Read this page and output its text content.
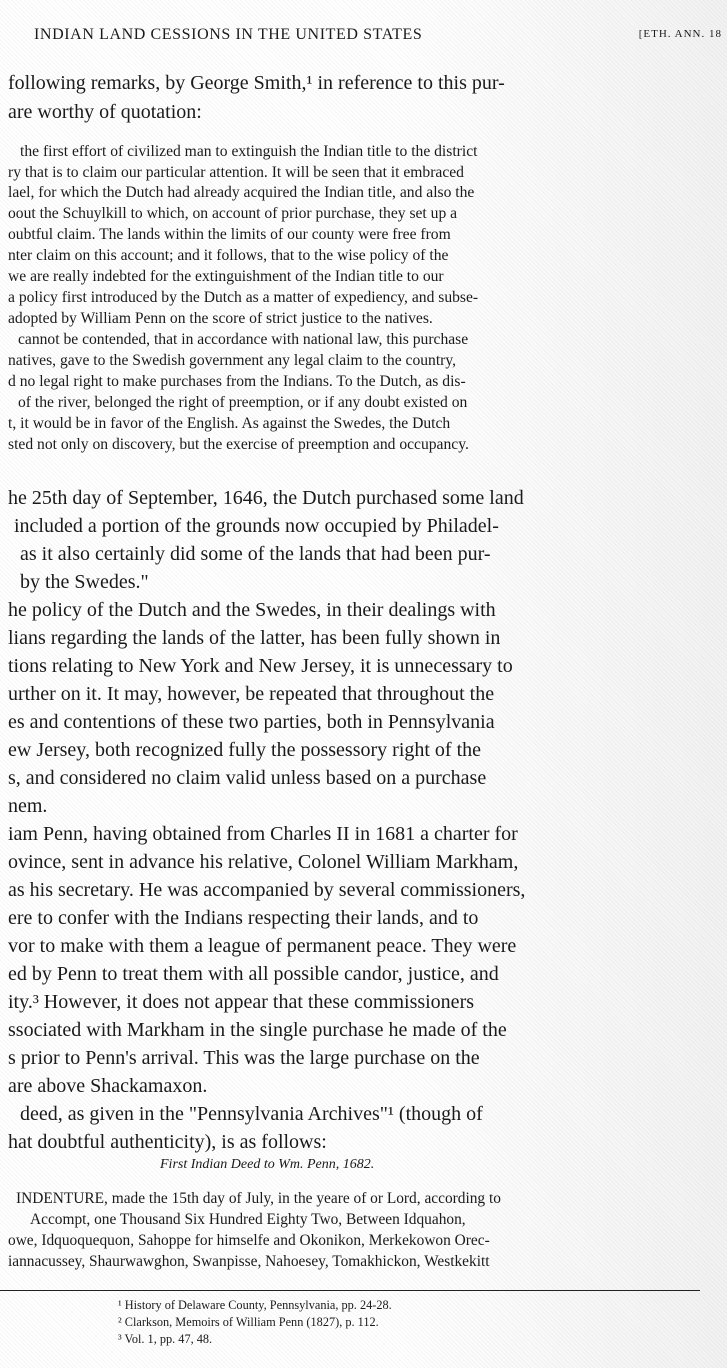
INDIAN LAND CESSIONS IN THE UNITED STATES	[ETH. ANN. 18
following remarks, by George Smith,¹ in reference to this pur-
are worthy of quotation:
the first effort of civilized man to extinguish the Indian title to the district
ry that is to claim our particular attention. It will be seen that it embraced
lael, for which the Dutch had already acquired the Indian title, and also the
oout the Schuylkill to which, on account of prior purchase, they set up a
oubtful claim. The lands within the limits of our county were free from
nter claim on this account; and it follows, that to the wise policy of the
we are really indebted for the extinguishment of the Indian title to our
a policy first introduced by the Dutch as a matter of expediency, and subse-
adopted by William Penn on the score of strict justice to the natives.
cannot be contended, that in accordance with national law, this purchase
natives, gave to the Swedish government any legal claim to the country,
d no legal right to make purchases from the Indians. To the Dutch, as dis-
of the river, belonged the right of preemption, or if any doubt existed on
t, it would be in favor of the English. As against the Swedes, the Dutch
sted not only on discovery, but the exercise of preemption and occupancy.
he 25th day of September, 1646, the Dutch purchased some land
included a portion of the grounds now occupied by Philadel-
as it also certainly did some of the lands that had been pur-
by the Swedes."
he policy of the Dutch and the Swedes, in their dealings with
lians regarding the lands of the latter, has been fully shown in
tions relating to New York and New Jersey, it is unnecessary to
urther on it. It may, however, be repeated that throughout the
es and contentions of these two parties, both in Pennsylvania
ew Jersey, both recognized fully the possessory right of the
s, and considered no claim valid unless based on a purchase
nem.
iam Penn, having obtained from Charles II in 1681 a charter for
ovince, sent in advance his relative, Colonel William Markham,
as his secretary. He was accompanied by several commissioners,
ere to confer with the Indians respecting their lands, and to
vor to make with them a league of permanent peace. They were
ed by Penn to treat them with all possible candor, justice, and
ity.³ However, it does not appear that these commissioners
ssociated with Markham in the single purchase he made of the
s prior to Penn's arrival. This was the large purchase on the
are above Shackamaxon.
deed, as given in the "Pennsylvania Archives"¹ (though of
hat doubtful authenticity), is as follows:
First Indian Deed to Wm. Penn, 1682.
INDENTURE, made the 15th day of July, in the yeare of or Lord, according to
Accompt, one Thousand Six Hundred Eighty Two, Between Idquahon,
owe, Idquoquequon, Sahoppe for himselfe and Okonikon, Merkekowon Orec-
iannacussey, Shaurwawghon, Swanpisse, Nahoesey, Tomakhickon, Westkekitt
¹ History of Delaware County, Pennsylvania, pp. 24-28.
² Clarkson, Memoirs of William Penn (1827), p. 112.
³ Vol. 1, pp. 47, 48.
